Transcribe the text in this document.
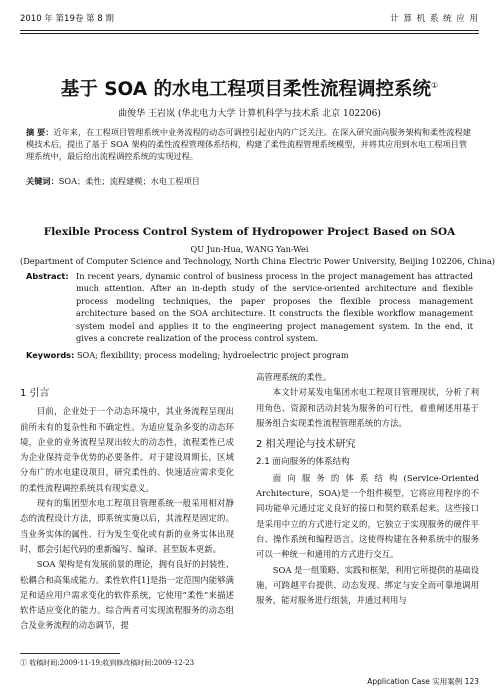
2010 年 第19卷 第 8 期	计 算 机 系 统 应 用
基于 SOA 的水电工程项目柔性流程调控系统①
曲俊华 王岩岚 (华北电力大学 计算机科学与技术系 北京 102206)
摘 要：近年来，在工程项目管理系统中业务流程的动态可调控引起业内的广泛关注。在深入研究面向服务架构和柔性流程建模技术后，提出了基于 SOA 架构的柔性流程管理体系结构，构建了柔性流程管理系统模型，并将其应用到水电工程项目管理系统中，最后给出流程调控系统的实现过程。
关键词：SOA；柔性；流程建模；水电工程项目
Flexible Process Control System of Hydropower Project Based on SOA
QU Jun-Hua, WANG Yan-Wei
(Department of Computer Science and Technology, North China Electric Power University, Beijing 102206, China)
Abstract: In recent years, dynamic control of business process in the project management has attracted much attention. After an in-depth study of the service-oriented architecture and flexible process modeling techniques, the paper proposes the flexible process management architecture based on the SOA architecture. It constructs the flexible workflow management system model and applies it to the engineering project management system. In the end, it gives a concrete realization of the process control system.
Keywords: SOA; flexibility; process modeling; hydroelectric project program
1 引言

目前，企业处于一个动态环境中，其业务流程呈现出前所未有的复杂性和不确定性。为适应复杂多变的动态环境，企业的业务流程呈现出较大的动态性，流程柔性已成为企业保持竞争优势的必要条件。对于建设周期长，区域分布广的水电建设项目，研究柔性的、快速适应需求变化的柔性流程调控系统具有现实意义。

现有的集团型水电工程项目管理系统一般采用相对静态的流程设计方法，即系统实施以后，其流程是固定的。当业务实体的属性、行为发生变化或有新的业务实体出现时，都会引起代码的重新编写、编译、甚至版本更新。

SOA 架构是有发展前景的理论，拥有良好的封装性、松耦合和高集成能力。柔性软件[1]是指一定范围内能够满足和适应用户需求变化的软件系统，它使用“柔性”来描述软件适应变化的能力。综合两者可实现流程服务的动态组合及业务流程的动态调节，提

高管理系统的柔性。

本文针对某发电集团水电工程项目管理现状，分析了利用角色、资源和活动封装为服务的可行性，着重阐述用基于服务组合实现柔性流程管理系统的方法。

2 相关理论与技术研究
2.1 面向服务的体系结构

面向服务的体系结构(Service-Oriented Architecture，SOA)是一个组件模型，它将应用程序的不同功能单元通过定义良好的接口和契约联系起来。这些接口是采用中立的方式进行定义的，它独立于实现服务的硬件平台、操作系统和编程语言。这使得构建在各种系统中的服务可以一种统一和通用的方式进行交互。

SOA 是一组策略、实践和框架，利用它所提供的基础设施，可跨越平台提供、动态发现、绑定与安全而可靠地调用服务，能对服务进行组装，并通过利用与

① 收稿时间:2009-11-19;收到修改稿时间:2009-12-23
Application Case 实用案例 123
